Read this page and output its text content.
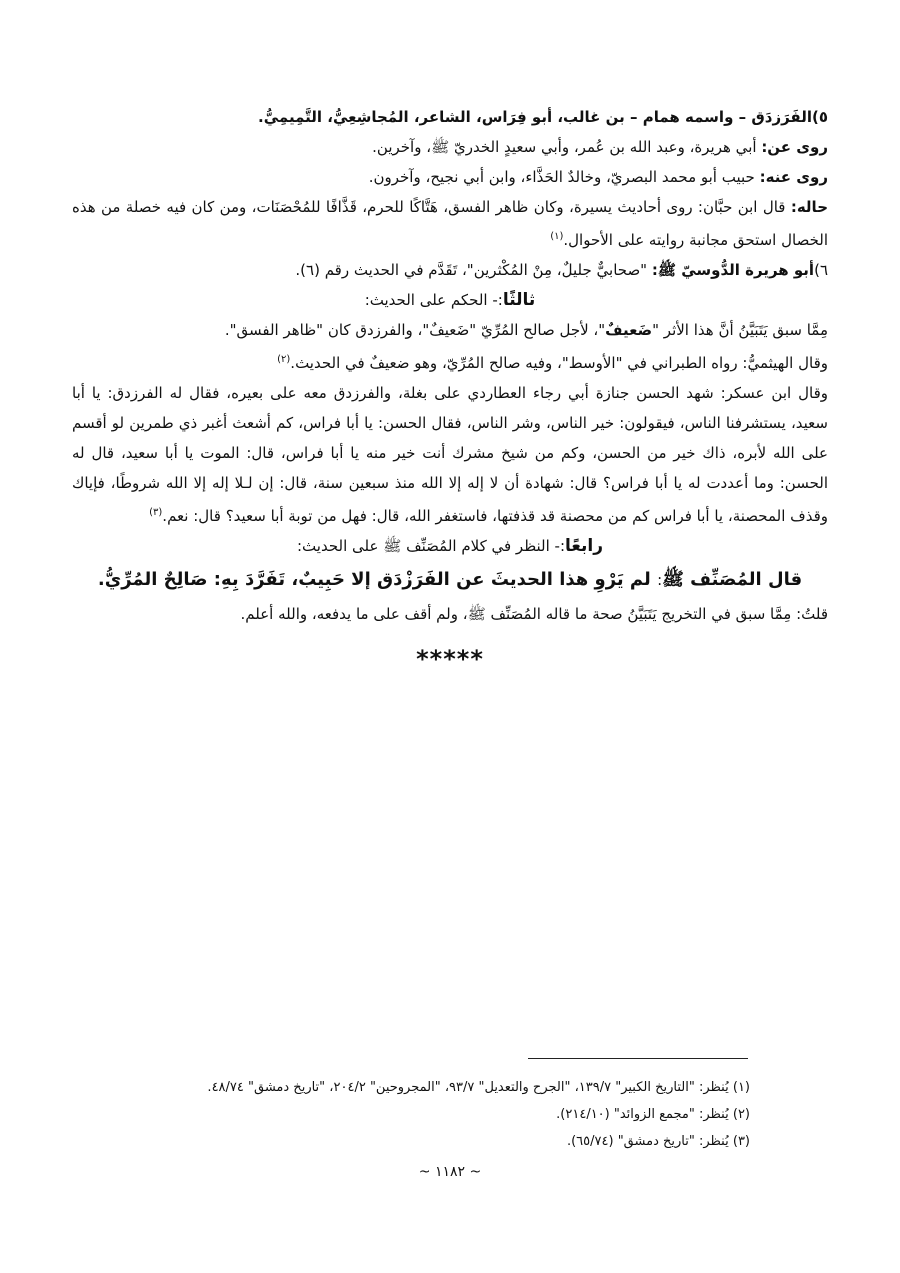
٥)الفَرَزدَق – واسمه همام – بن غالب، أبو فِرَاس، الشاعر، المُجاشِعِيُّ، التَّمِيمِيُّ.

روى عن: أبي هريرة، وعبد الله بن عُمر، وأبي سعيدٍ الخدريّ ﷺ، وآخرين.

روى عنه: حبيب أبو محمد البصريّ، وخالدٌ الحَذَّاء، وابن أبي نجيح، وآخرون.

حاله: قال ابن حبَّان: روى أحاديث يسيرة، وكان ظاهر الفسق، هَتَّاكًا للحرم، قَذَّافًا للمُحْصَنَات، ومن كان فيه خصلة من هذه الخصال استحق مجانبة روايته على الأحوال.$^{(١)}$

٦)أبو هريرة الدُّوسيّ ﷺ: "صحابيٌّ جليلٌ، مِنْ المُكْثرين"، تَقَدَّم في الحديث رقم (٦).

ثالثًا:- الحكم على الحديث:

مِمَّا سبق يَتَبَيَّنُ أنَّ هذا الأثر "ضَعيفٌ"، لأجل صالح المُرِّيّ "ضَعيفٌ"، والفرزدق كان "ظاهر الفسق".

وقال الهيثميُّ: رواه الطبراني في "الأوسط"، وفيه صالح المُرِّيّ، وهو ضعيفٌ في الحديث.$^{(٢)}$

وقال ابن عسكر: شهد الحسن جنازة أبي رجاء العطاردي على بغلة، والفرزدق معه على بعيره، فقال له الفرزدق: يا أبا سعيد، يستشرفنا الناس، فيقولون: خير الناس، وشر الناس، فقال الحسن: يا أبا فراس، كم أشعث أغبر ذي طمرين لو أقسم على الله لأبره، ذاك خير من الحسن، وكم من شيخ مشرك أنت خير منه يا أبا فراس، قال: الموت يا أبا سعيد، قال له الحسن: وما أعددت له يا أبا فراس؟ قال: شهادة أن لا إله إلا الله منذ سبعين سنة، قال: إن لـلا إله إلا الله شروطًا، فإياك وقذف المحصنة، يا أبا فراس كم من محصنة قد قذفتها، فاستغفر الله، قال: فهل من توبة أبا سعيد؟ قال: نعم.$^{(٣)}$

رابعًا:- النظر في كلام المُصَنِّف ﷺ على الحديث:

قال المُصَنِّف ﷺ: لم يَرْوِ هذا الحديثَ عن الفَرَزْدَق إلا حَبِيبٌ، تَفَرَّدَ بِهِ: صَالِحٌ المُرِّيُّ.

قلتُ: مِمَّا سبق في التخريج يَتَبَيَّنُ صحة ما قاله المُصَنِّف ﷺ، ولم أقف على ما يدفعه، والله أعلم.

*****

(١) يُنظر: "التاريخ الكبير" ١٣٩/٧، "الجرح والتعديل" ٩٣/٧، "المجروحين" ٢٠٤/٢، "تاريخ دمشق" ٤٨/٧٤.

(٢) يُنظر: "مجمع الزوائد" (٢١٤/١٠).

(٣) يُنظر: "تاريخ دمشق" (٦٥/٧٤).

~ ١١٨٢ ~
